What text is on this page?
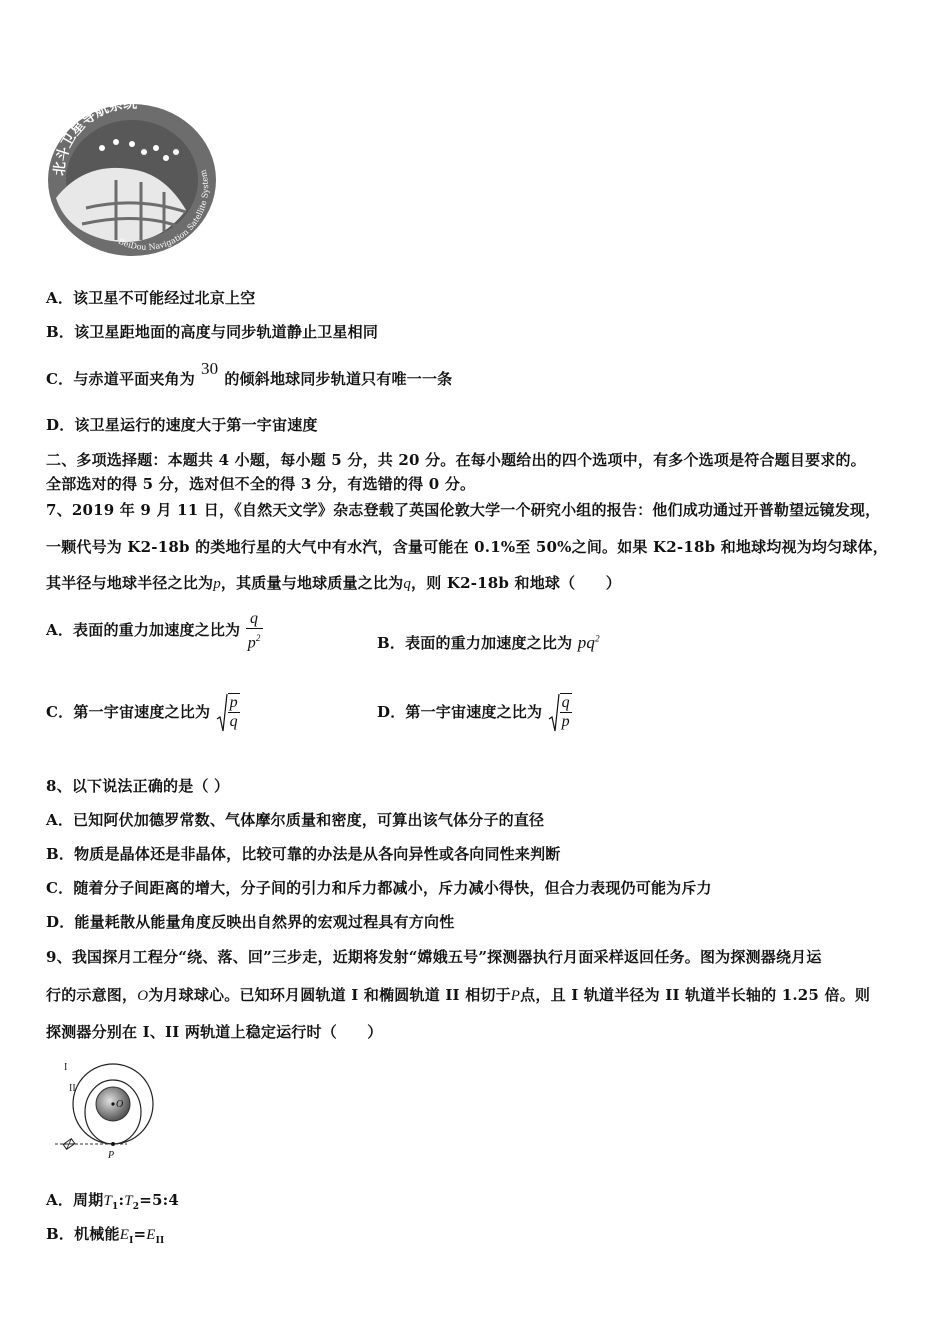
北斗卫星导航系统
BeiDou Navigation Satellite System
A．该卫星不可能经过北京上空
B．该卫星距地面的高度与同步轨道静止卫星相同
C．与赤道平面夹角为30的倾斜地球同步轨道只有唯一一条
D．该卫星运行的速度大于第一宇宙速度
二、多项选择题：本题共 4 小题，每小题 5 分，共 20 分。在每小题给出的四个选项中，有多个选项是符合题目要求的。
全部选对的得 5 分，选对但不全的得 3 分，有选错的得 0 分。
7、2019 年 9 月 11 日，《自然天文学》杂志登载了英国伦敦大学一个研究小组的报告：他们成功通过开普勒望远镜发现，
一颗代号为 K2-18b 的类地行星的大气中有水汽，含量可能在 0.1%至 50%之间。如果 K2-18b 和地球均视为均匀球体，
其半径与地球半径之比为p，其质量与地球质量之比为q，则 K2-18b 和地球（　　）
A．表面的重力加速度之比为 $\frac{q}{p^2}$	B．表面的重力加速度之比为 $pq^2$
C．第一宇宙速度之比为 $\frac{p}{q}$	D．第一宇宙速度之比为 $\frac{q}{p}$
8、以下说法正确的是（ ）
A．已知阿伏加德罗常数、气体摩尔质量和密度，可算出该气体分子的直径
B．物质是晶体还是非晶体，比较可靠的办法是从各向异性或各向同性来判断
C．随着分子间距离的增大，分子间的引力和斥力都减小，斥力减小得快，但合力表现仍可能为斥力
D．能量耗散从能量角度反映出自然界的宏观过程具有方向性
9、我国探月工程分“绕、落、回”三步走，近期将发射“嫦娥五号”探测器执行月面采样返回任务。图为探测器绕月运
行的示意图，O为月球球心。已知环月圆轨道 I 和椭圆轨道 II 相切于P点，且 I 轨道半径为 II 轨道半长轴的 1.25 倍。则
探测器分别在 I、II 两轨道上稳定运行时（　　）
I
II
O
P
A．周期$T_1:T_2=5:4$
B．机械能$E_I=E_{II}$
